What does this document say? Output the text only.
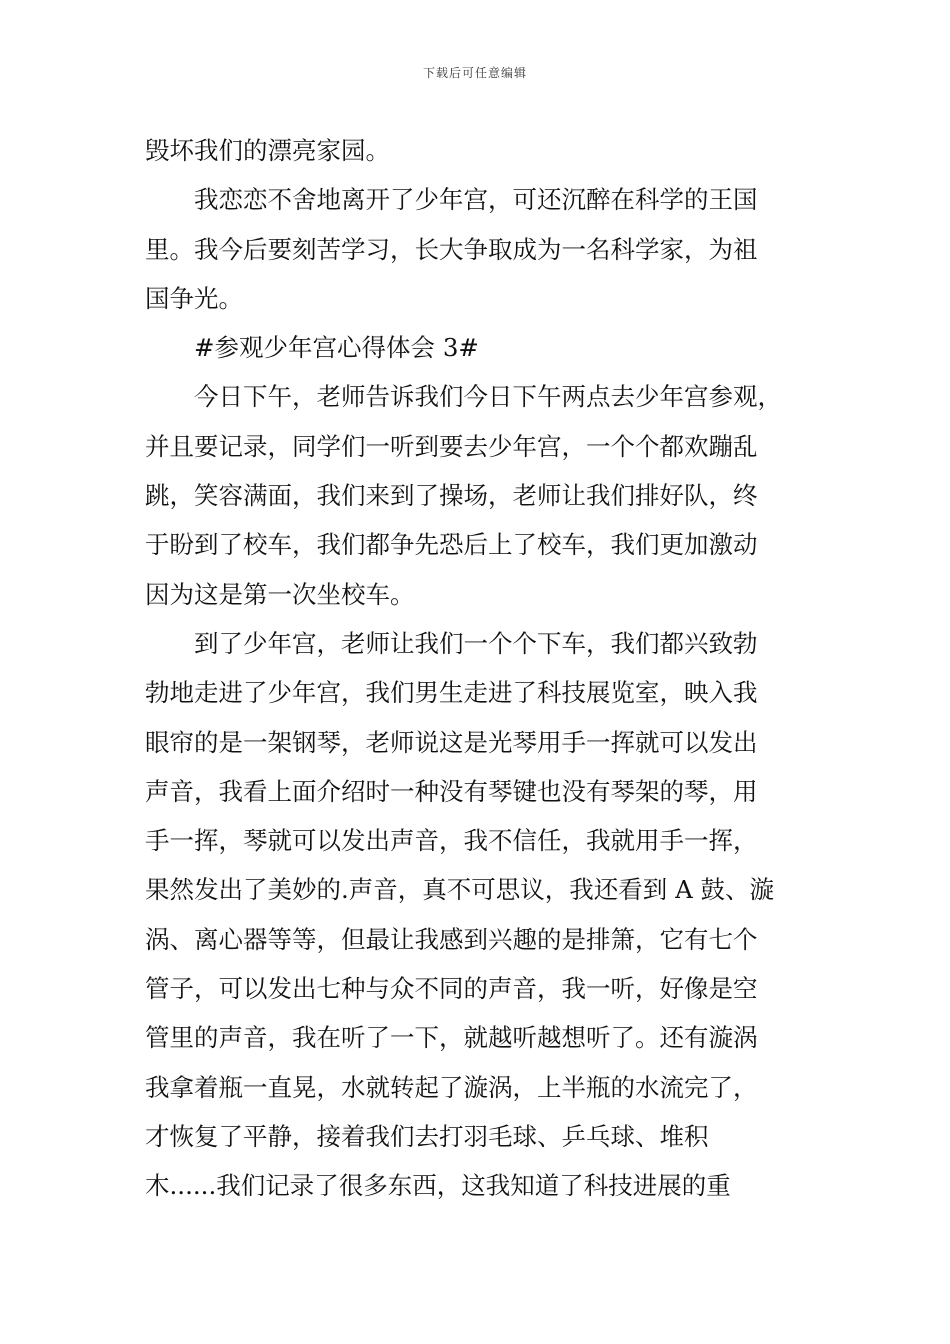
下载后可任意编辑
毁坏我们的漂亮家园。
我恋恋不舍地离开了少年宫，可还沉醉在科学的王国
里。我今后要刻苦学习，长大争取成为一名科学家，为祖
国争光。
#参观少年宫心得体会 3#
今日下午，老师告诉我们今日下午两点去少年宫参观，
并且要记录，同学们一听到要去少年宫，一个个都欢蹦乱
跳，笑容满面，我们来到了操场，老师让我们排好队，终
于盼到了校车，我们都争先恐后上了校车，我们更加激动
因为这是第一次坐校车。
到了少年宫，老师让我们一个个下车，我们都兴致勃
勃地走进了少年宫，我们男生走进了科技展览室，映入我
眼帘的是一架钢琴，老师说这是光琴用手一挥就可以发出
声音，我看上面介绍时一种没有琴键也没有琴架的琴，用
手一挥，琴就可以发出声音，我不信任，我就用手一挥，
果然发出了美妙的.声音，真不可思议，我还看到 A 鼓、漩
涡、离心器等等，但最让我感到兴趣的是排箫，它有七个
管子，可以发出七种与众不同的声音，我一听，好像是空
管里的声音，我在听了一下，就越听越想听了。还有漩涡
我拿着瓶一直晃，水就转起了漩涡，上半瓶的水流完了，
才恢复了平静，接着我们去打羽毛球、乒乓球、堆积
木......我们记录了很多东西，这我知道了科技进展的重
